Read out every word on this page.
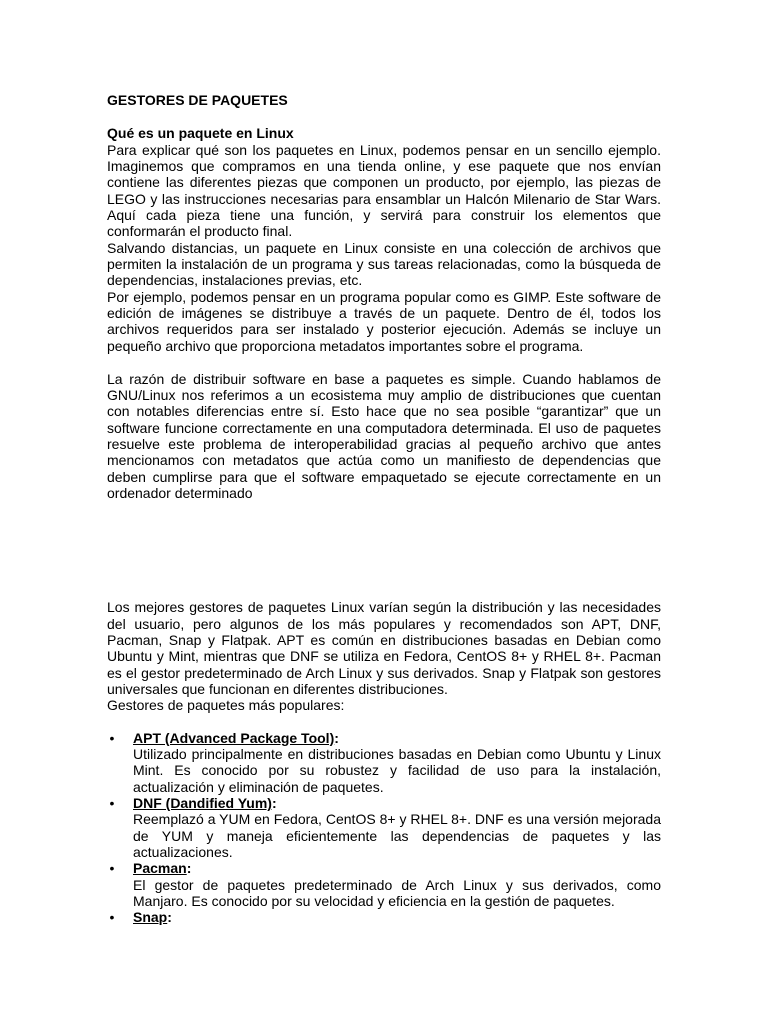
GESTORES DE PAQUETES
Qué es un paquete en Linux

Para explicar qué son los paquetes en Linux, podemos pensar en un sencillo ejemplo. Imaginemos que compramos en una tienda online, y ese paquete que nos envían contiene las diferentes piezas que componen un producto, por ejemplo, las piezas de LEGO y las instrucciones necesarias para ensamblar un Halcón Milenario de Star Wars. Aquí cada pieza tiene una función, y servirá para construir los elementos que conformarán el producto final.

Salvando distancias, un paquete en Linux consiste en una colección de archivos que permiten la instalación de un programa y sus tareas relacionadas, como la búsqueda de dependencias, instalaciones previas, etc.

Por ejemplo, podemos pensar en un programa popular como es GIMP. Este software de edición de imágenes se distribuye a través de un paquete. Dentro de él, todos los archivos requeridos para ser instalado y posterior ejecución. Además se incluye un pequeño archivo que proporciona metadatos importantes sobre el programa.

La razón de distribuir software en base a paquetes es simple. Cuando hablamos de GNU/Linux nos referimos a un ecosistema muy amplio de distribuciones que cuentan con notables diferencias entre sí. Esto hace que no sea posible “garantizar” que un software funcione correctamente en una computadora determinada. El uso de paquetes resuelve este problema de interoperabilidad gracias al pequeño archivo que antes mencionamos con metadatos que actúa como un manifiesto de dependencias que deben cumplirse para que el software empaquetado se ejecute correctamente en un ordenador determinado

Los mejores gestores de paquetes Linux varían según la distribución y las necesidades del usuario, pero algunos de los más populares y recomendados son APT, DNF, Pacman, Snap y Flatpak. APT es común en distribuciones basadas en Debian como Ubuntu y Mint, mientras que DNF se utiliza en Fedora, CentOS 8+ y RHEL 8+. Pacman es el gestor predeterminado de Arch Linux y sus derivados. Snap y Flatpak son gestores universales que funcionan en diferentes distribuciones.

Gestores de paquetes más populares:

• APT (Advanced Package Tool):

Utilizado principalmente en distribuciones basadas en Debian como Ubuntu y Linux Mint. Es conocido por su robustez y facilidad de uso para la instalación, actualización y eliminación de paquetes.

• DNF (Dandified Yum):

Reemplazó a YUM en Fedora, CentOS 8+ y RHEL 8+. DNF es una versión mejorada de YUM y maneja eficientemente las dependencias de paquetes y las actualizaciones.

• Pacman:

El gestor de paquetes predeterminado de Arch Linux y sus derivados, como Manjaro. Es conocido por su velocidad y eficiencia en la gestión de paquetes.

• Snap:
